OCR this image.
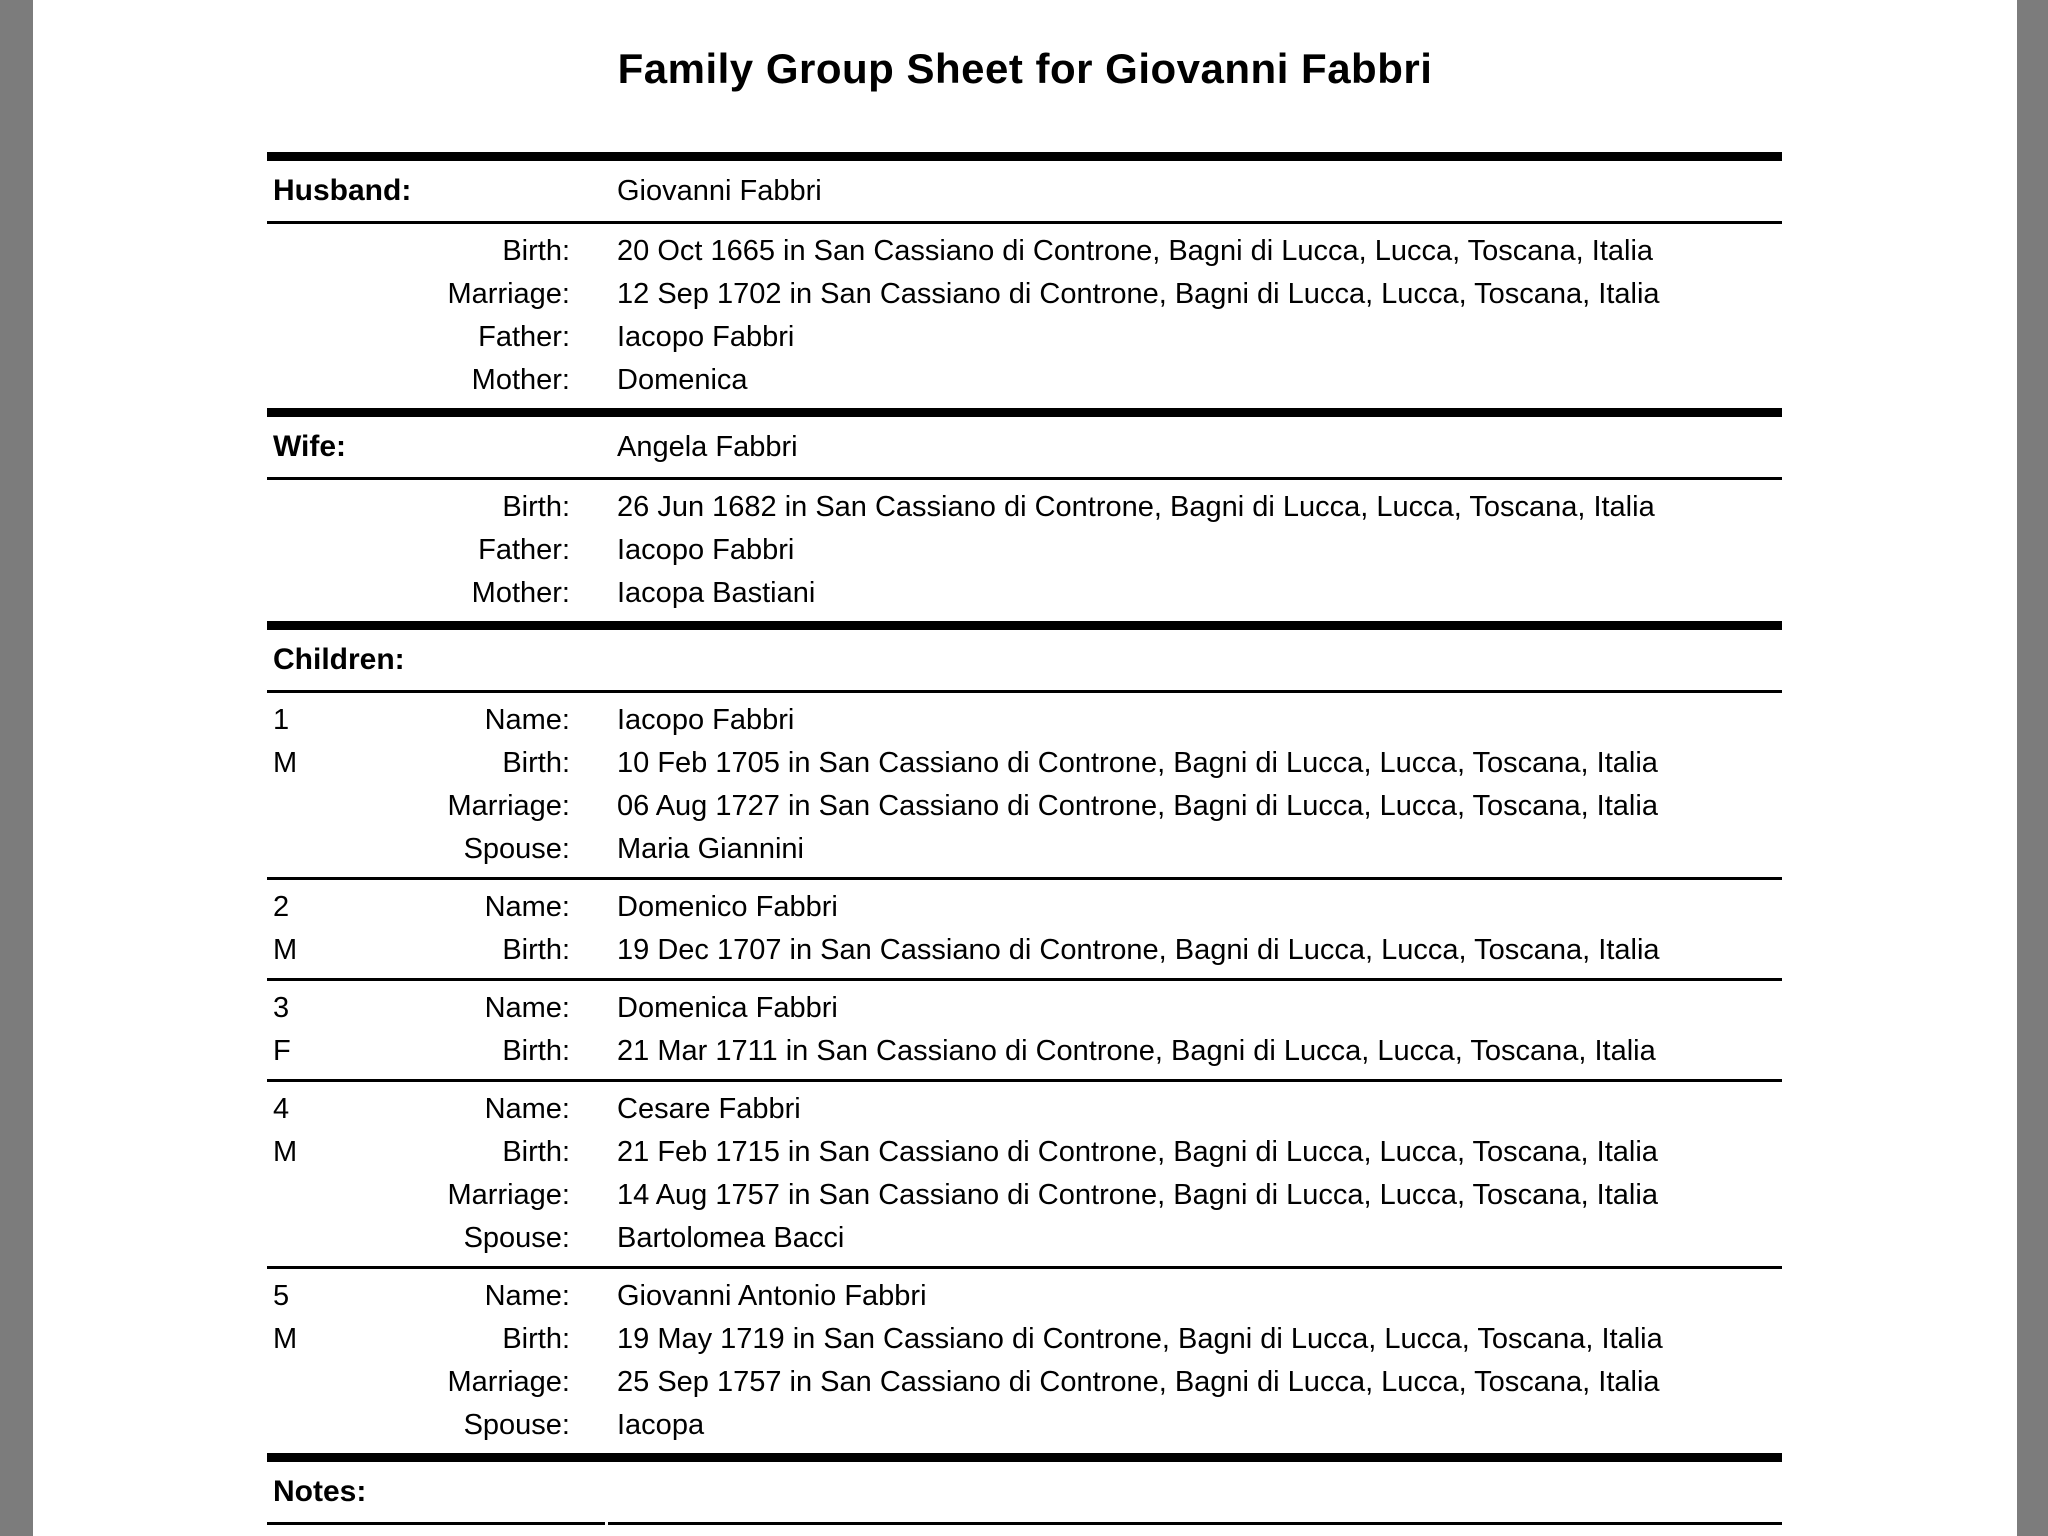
Family Group Sheet for Giovanni Fabbri
Husband:	Giovanni Fabbri
Birth:	20 Oct 1665 in San Cassiano di Controne, Bagni di Lucca, Lucca, Toscana, Italia
Marriage:	12 Sep 1702 in San Cassiano di Controne, Bagni di Lucca, Lucca, Toscana, Italia
Father:	Iacopo Fabbri
Mother:	Domenica
Wife:	Angela Fabbri
Birth:	26 Jun 1682 in San Cassiano di Controne, Bagni di Lucca, Lucca, Toscana, Italia
Father:	Iacopo Fabbri
Mother:	Iacopa Bastiani
Children:
1
M
Name:	Iacopo Fabbri
Birth:	10 Feb 1705 in San Cassiano di Controne, Bagni di Lucca, Lucca, Toscana, Italia
Marriage:	06 Aug 1727 in San Cassiano di Controne, Bagni di Lucca, Lucca, Toscana, Italia
Spouse:	Maria Giannini
2
M
Name:	Domenico Fabbri
Birth:	19 Dec 1707 in San Cassiano di Controne, Bagni di Lucca, Lucca, Toscana, Italia
3
F
Name:	Domenica Fabbri
Birth:	21 Mar 1711 in San Cassiano di Controne, Bagni di Lucca, Lucca, Toscana, Italia
4
M
Name:	Cesare Fabbri
Birth:	21 Feb 1715 in San Cassiano di Controne, Bagni di Lucca, Lucca, Toscana, Italia
Marriage:	14 Aug 1757 in San Cassiano di Controne, Bagni di Lucca, Lucca, Toscana, Italia
Spouse:	Bartolomea Bacci
5
M
Name:	Giovanni Antonio Fabbri
Birth:	19 May 1719 in San Cassiano di Controne, Bagni di Lucca, Lucca, Toscana, Italia
Marriage:	25 Sep 1757 in San Cassiano di Controne, Bagni di Lucca, Lucca, Toscana, Italia
Spouse:	Iacopa
Notes:
